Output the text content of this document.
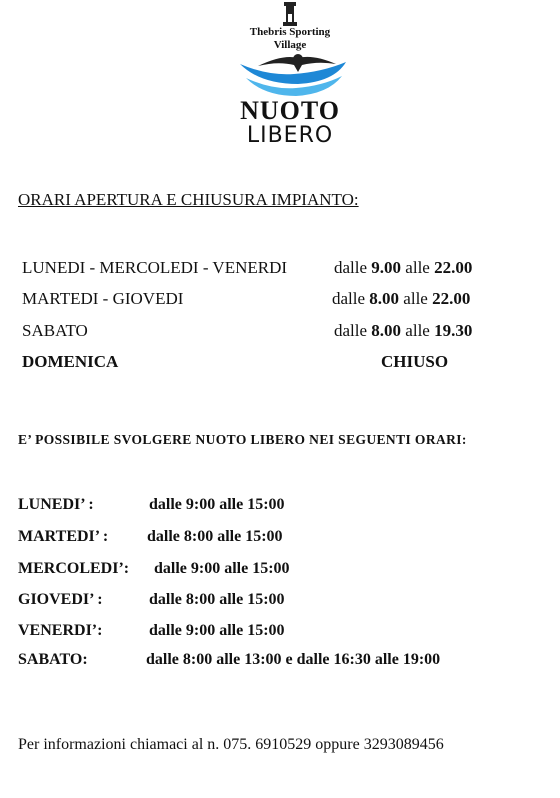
Thebris Sporting
Village
NUOTO
LIBERO
ORARI APERTURA E CHIUSURA IMPIANTO:
LUNEDI - MERCOLEDI - VENERDI	dalle 9.00 alle 22.00
MARTEDI - GIOVEDI	dalle 8.00 alle 22.00
SABATO	dalle 8.00 alle 19.30
DOMENICA	CHIUSO
E’ POSSIBILE SVOLGERE NUOTO LIBERO NEI SEGUENTI ORARI:
LUNEDI’ :	dalle 9:00 alle 15:00
MARTEDI’ : dalle 8:00 alle 15:00
MERCOLEDI’: dalle 9:00 alle 15:00
GIOVEDI’ :	dalle 8:00 alle 15:00
VENERDI’:	dalle 9:00 alle 15:00
SABATO:	dalle 8:00 alle 13:00 e dalle 16:30 alle 19:00
Per informazioni chiamaci al n. 075. 6910529 oppure 3293089456
